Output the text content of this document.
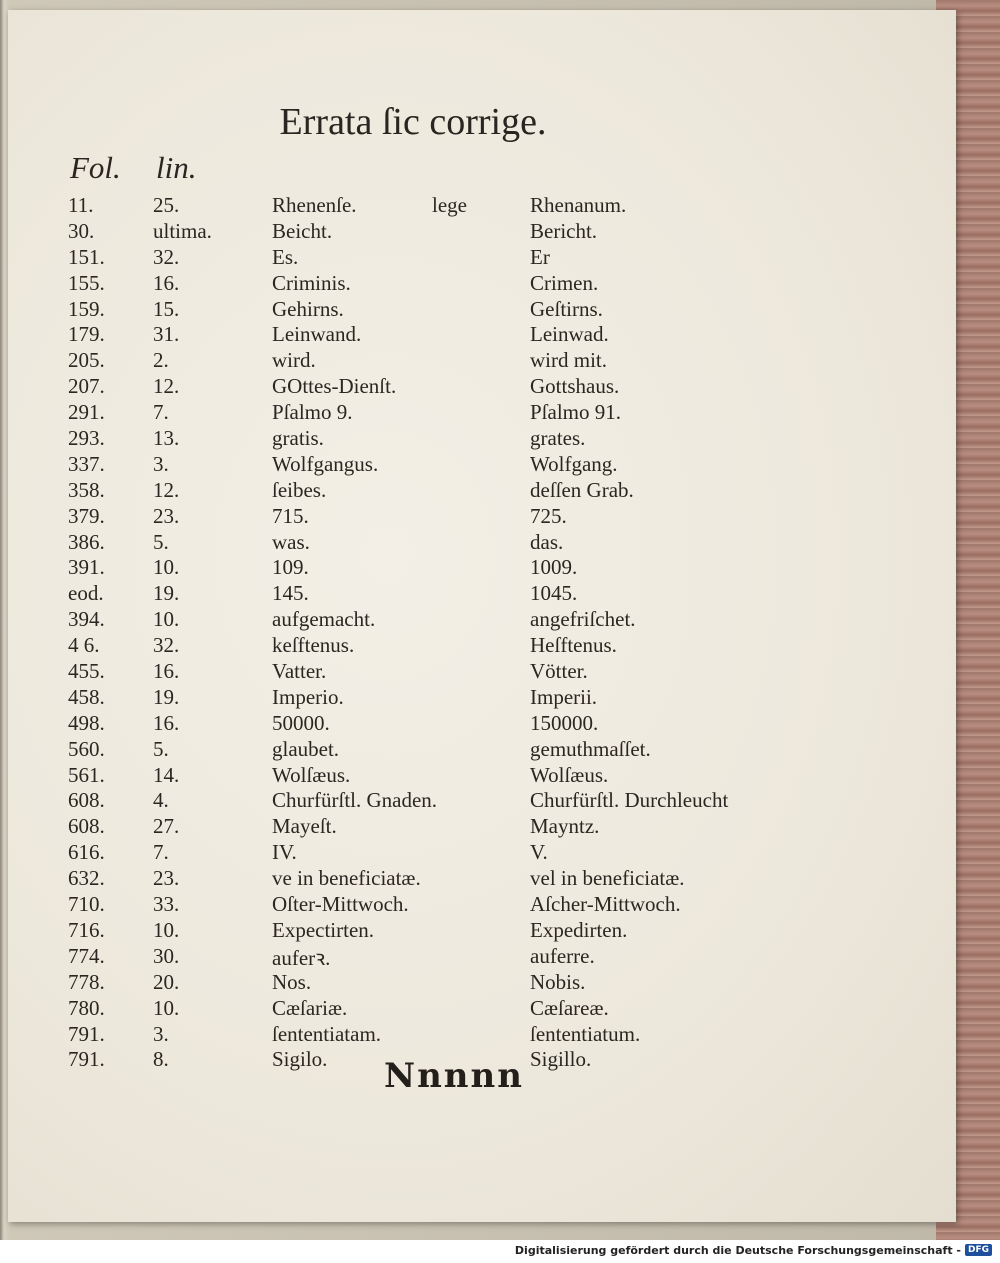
Errata ſic corrige.
Fol. lin.
11.	25.	Rhenenſe.	lege	Rhenanum.
30.	ultima.	Beicht.	Bericht.
151. 32.	Es.	Er
155. 16.	Criminis.	Crimen.
159. 15.	Gehirns.	Geſtirns.
179. 31.	Leinwand.	Leinwad.
205. 2.	wird.	wird mit.
207. 12.	GOttes-Dienſt.	Gottshaus.
291. 7.	Pſalmo 9.	Pſalmo 91.
293. 13.	gratis.	grates.
337. 3.	Wolfgangus.	Wolfgang.
358. 12.	ſeibes.	deſſen Grab.
379. 23.	715.	725.
386. 5.	was.	das.
391. 10.	109.	1009.
eod. 19.	145.	1045.
394. 10.	aufgemacht.	angefriſchet.
4 6.	32.	keſftenus.	Heſftenus.
455. 16.	Vatter.	Vötter.
458. 19.	Imperio.	Imperii.
498. 16.	50000.	150000.
560. 5.	glaubet.	gemuthmaſſet.
561. 14.	Wolſæus.	Wolſæus.
608. 4.	Churfürſtl. Gnaden.	Churfürſtl. Durchleucht
608. 27.	Mayeſt.	Mayntz.
616. 7.	IV.	V.
632. 23.	ve in beneficiatæ.	vel in beneficiatæ.
710. 33.	Oſter-Mittwoch.	Aſcher-Mittwoch.
716. 10.	Expectirten.	Expedirten.
774. 30.	auferꝛ.	auferre.
778. 20.	Nos.	Nobis.
780. 10.	Cæſariæ.	Cæſareæ.
791. 3.	ſententiatam.	ſententiatum.
791. 8.	Sigilo.	Sigillo.
Nnnnn
Digitalisierung gefördert durch die Deutsche Forschungsgemeinschaft - DFG
